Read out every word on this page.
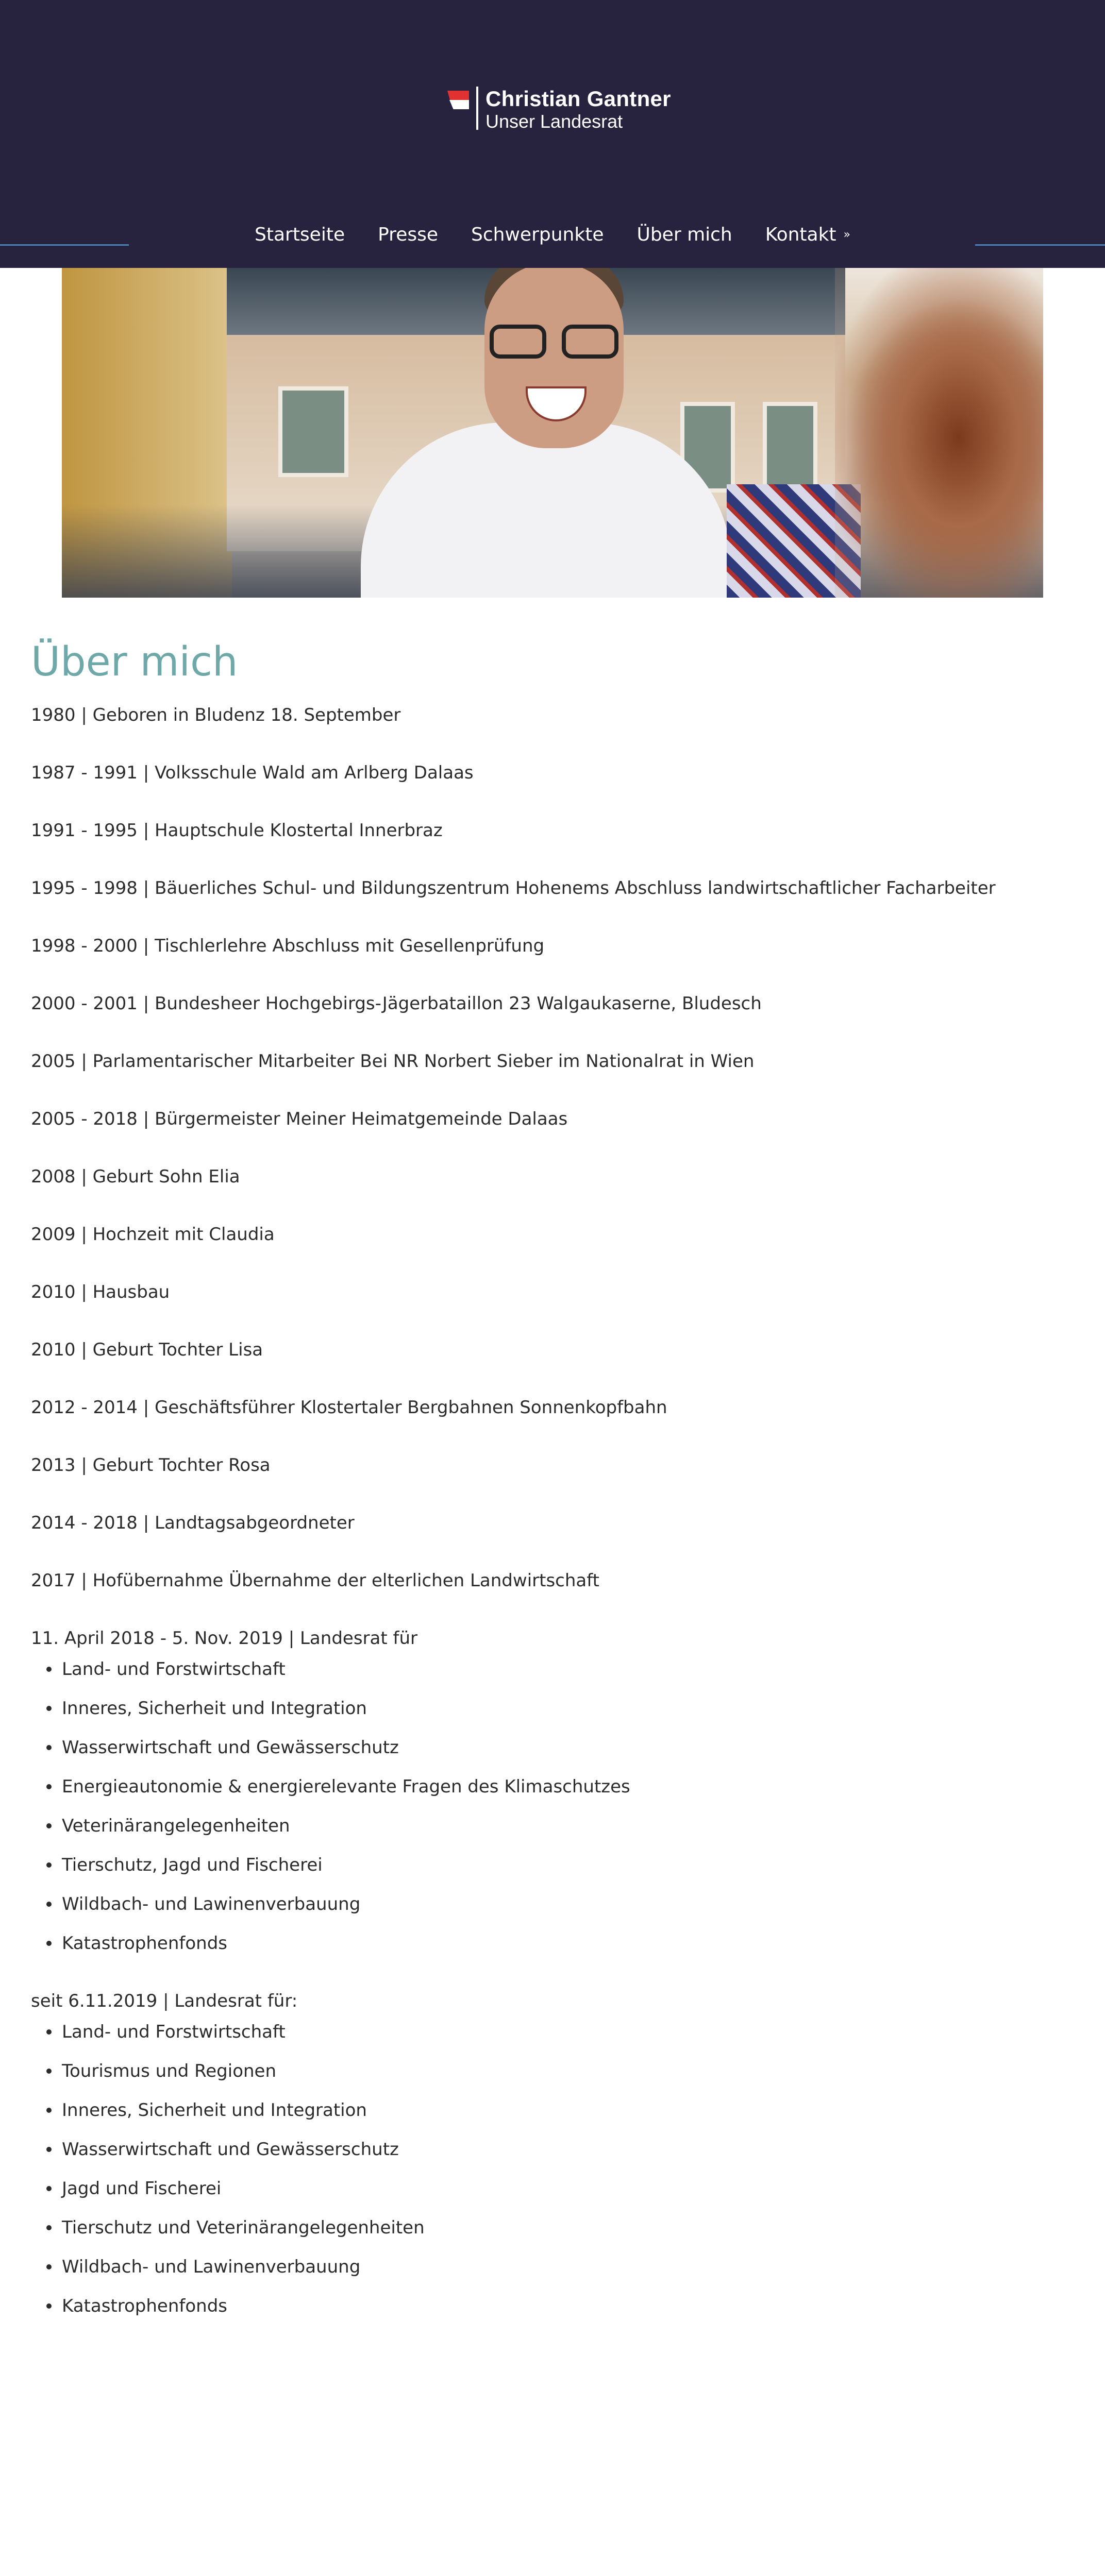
Christian Gantner
Unser Landesrat
Startseite Presse Schwerpunkte Über mich Kontakt »
Über mich

1980 | Geboren in Bludenz 18. September

1987 - 1991 | Volksschule Wald am Arlberg Dalaas

1991 - 1995 | Hauptschule Klostertal Innerbraz

1995 - 1998 | Bäuerliches Schul- und Bildungszentrum Hohenems Abschluss landwirtschaftlicher Facharbeiter

1998 - 2000 | Tischlerlehre Abschluss mit Gesellenprüfung

2000 - 2001 | Bundesheer Hochgebirgs-Jägerbataillon 23 Walgaukaserne, Bludesch

2005 | Parlamentarischer Mitarbeiter Bei NR Norbert Sieber im Nationalrat in Wien

2005 - 2018 | Bürgermeister Meiner Heimatgemeinde Dalaas

2008 | Geburt Sohn Elia

2009 | Hochzeit mit Claudia

2010 | Hausbau

2010 | Geburt Tochter Lisa

2012 - 2014 | Geschäftsführer Klostertaler Bergbahnen Sonnenkopfbahn

2013 | Geburt Tochter Rosa

2014 - 2018 | Landtagsabgeordneter

2017 | Hofübernahme Übernahme der elterlichen Landwirtschaft

11. April 2018 - 5. Nov. 2019 | Landesrat für

Land- und Forstwirtschaft
Inneres, Sicherheit und Integration
Wasserwirtschaft und Gewässerschutz
Energieautonomie & energierelevante Fragen des Klimaschutzes
Veterinärangelegenheiten
Tierschutz, Jagd und Fischerei
Wildbach- und Lawinenverbauung
Katastrophenfonds

seit 6.11.2019 | Landesrat für:

Land- und Forstwirtschaft
Tourismus und Regionen
Inneres, Sicherheit und Integration
Wasserwirtschaft und Gewässerschutz
Jagd und Fischerei
Tierschutz und Veterinärangelegenheiten
Wildbach- und Lawinenverbauung
Katastrophenfonds
